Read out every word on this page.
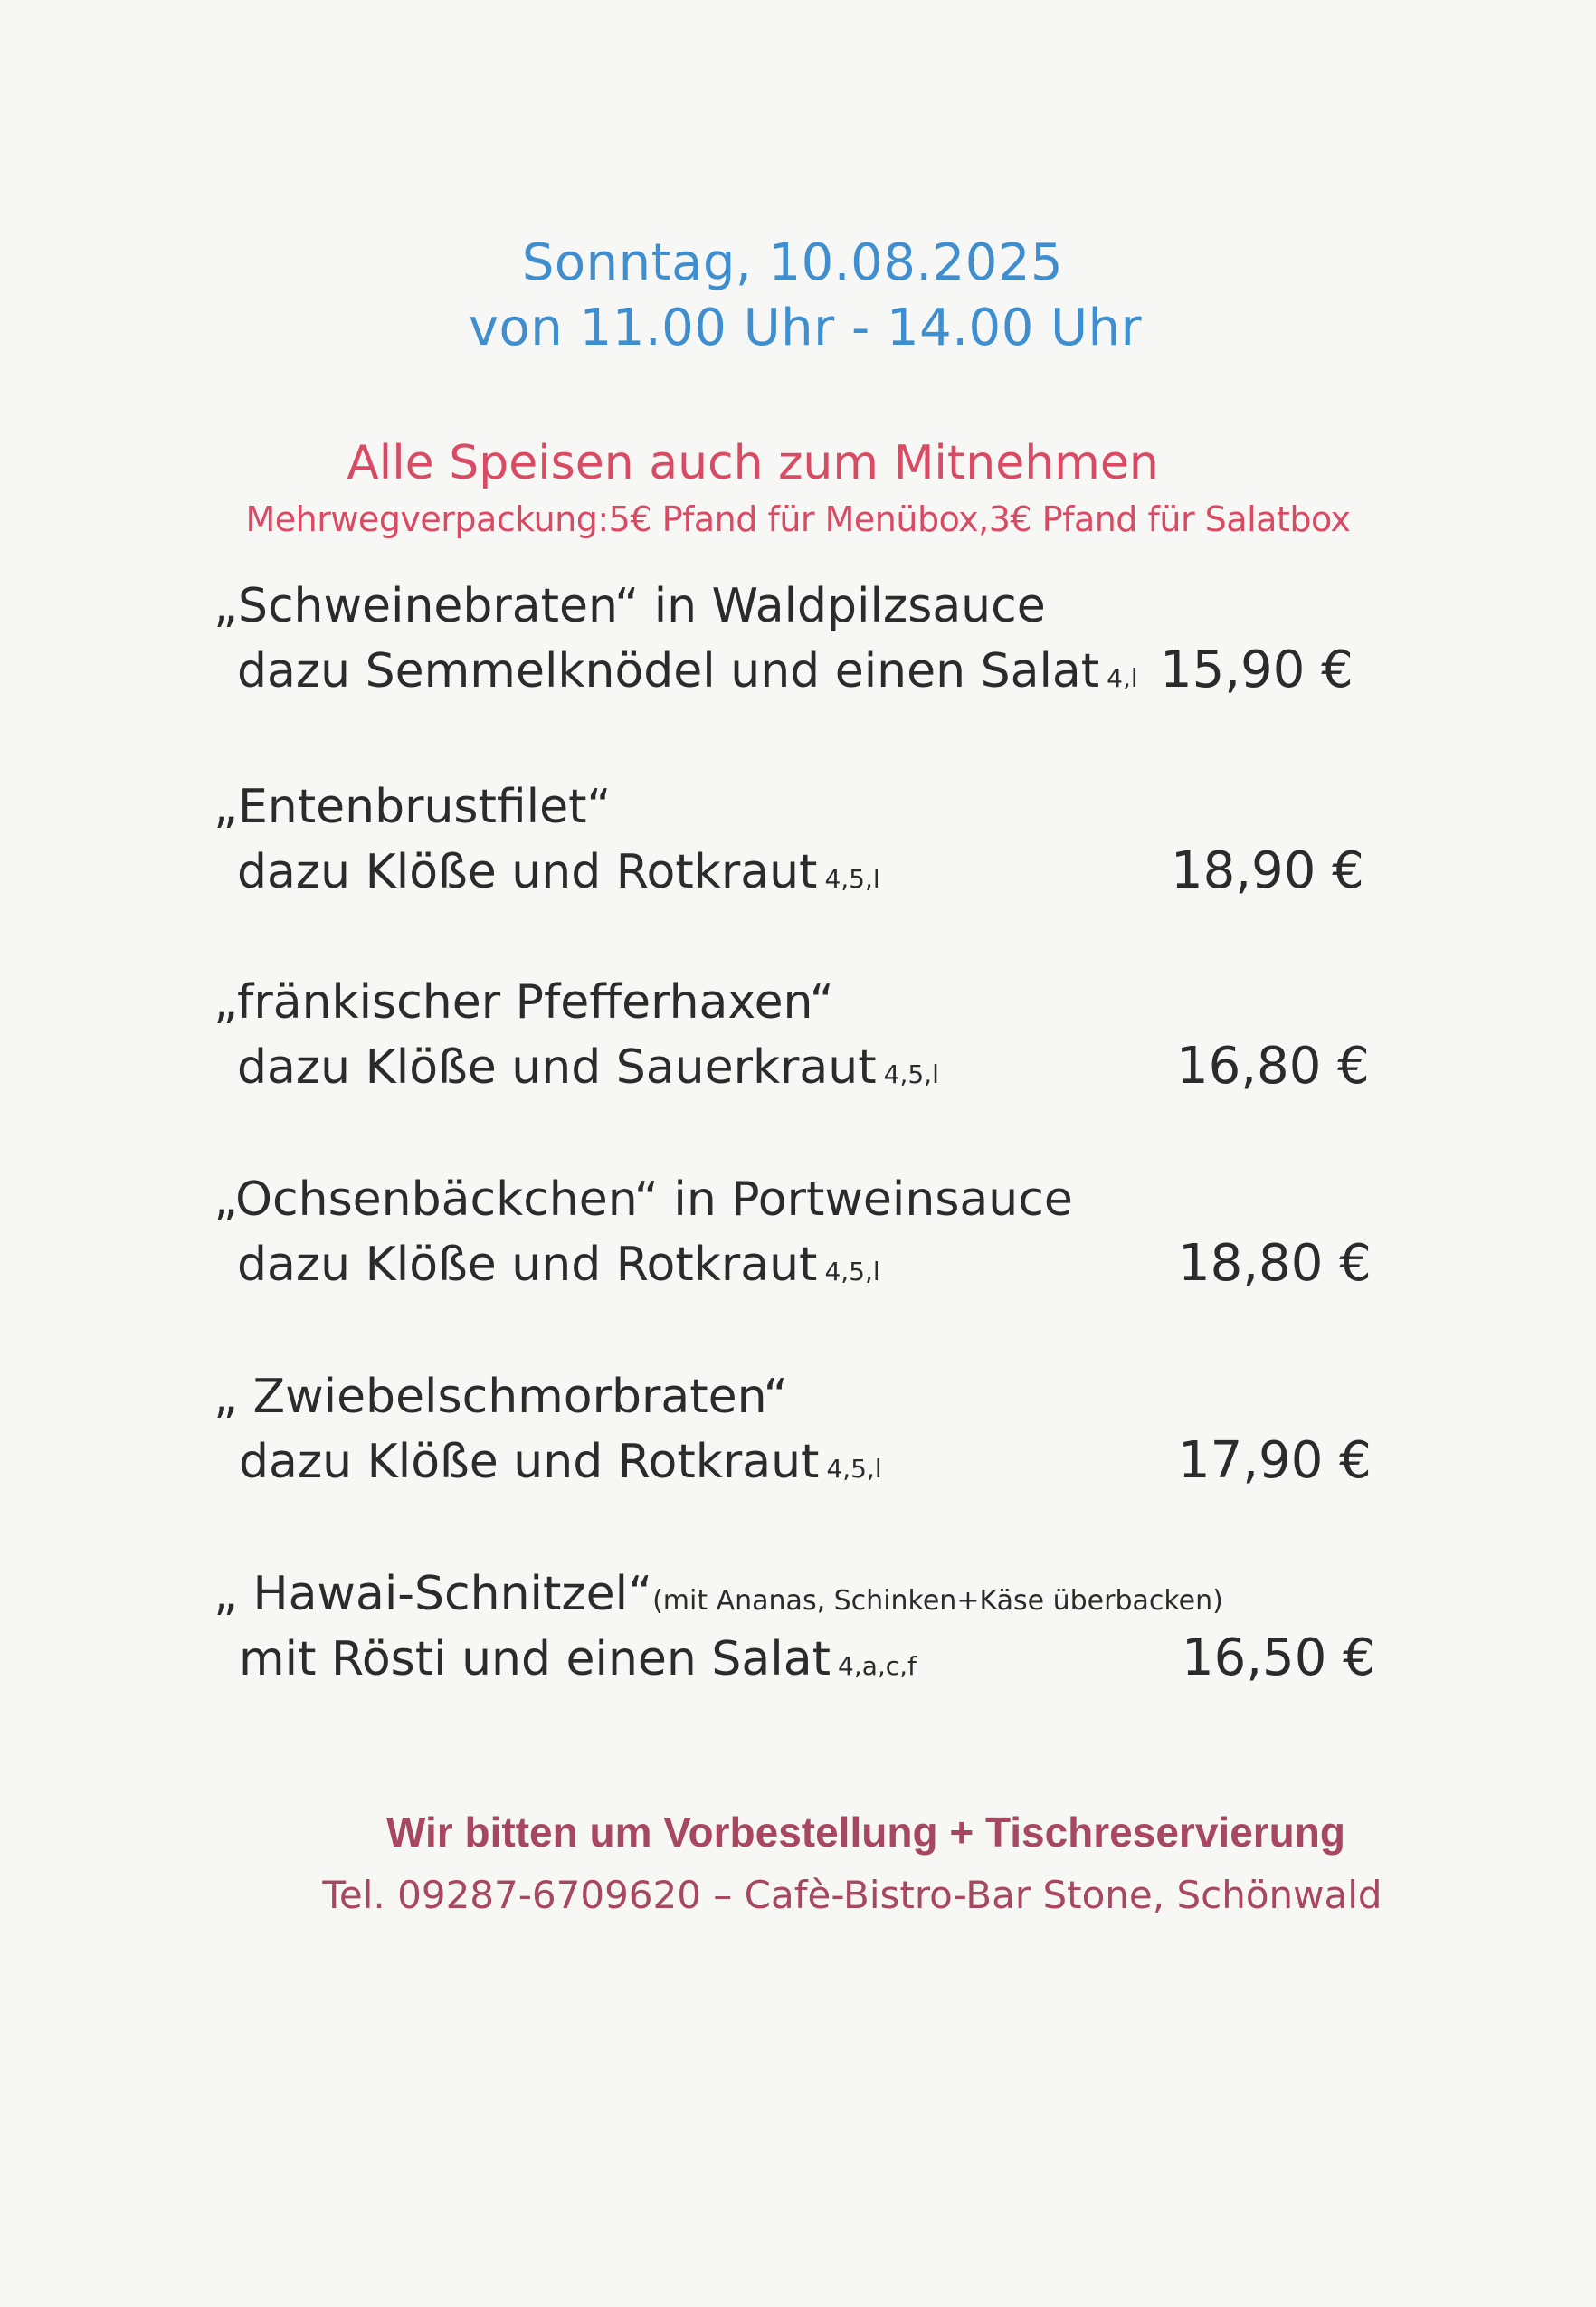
Sonntag, 10.08.2025
von 11.00 Uhr - 14.00 Uhr
Alle Speisen auch zum Mitnehmen
Mehrwegverpackung:5€ Pfand für Menübox,3€ Pfand für Salatbox
„Schweinebraten“ in Waldpilzsauce
dazu Semmelknödel und einen Salat 4,l 15,90 €
„Entenbrustfilet“
dazu Klöße und Rotkraut 4,5,l	18,90 €
„fränkischer Pfefferhaxen“
dazu Klöße und Sauerkraut 4,5,l	16,80 €
„Ochsenbäckchen“ in Portweinsauce
dazu Klöße und Rotkraut 4,5,l	18,80 €
„ Zwiebelschmorbraten“
dazu Klöße und Rotkraut 4,5,l	17,90 €
„ Hawai-Schnitzel“(mit Ananas, Schinken+Käse überbacken)
mit Rösti und einen Salat 4,a,c,f	16,50 €
Wir bitten um Vorbestellung + Tischreservierung
Tel. 09287-6709620 – Cafè-Bistro-Bar Stone, Schönwald
